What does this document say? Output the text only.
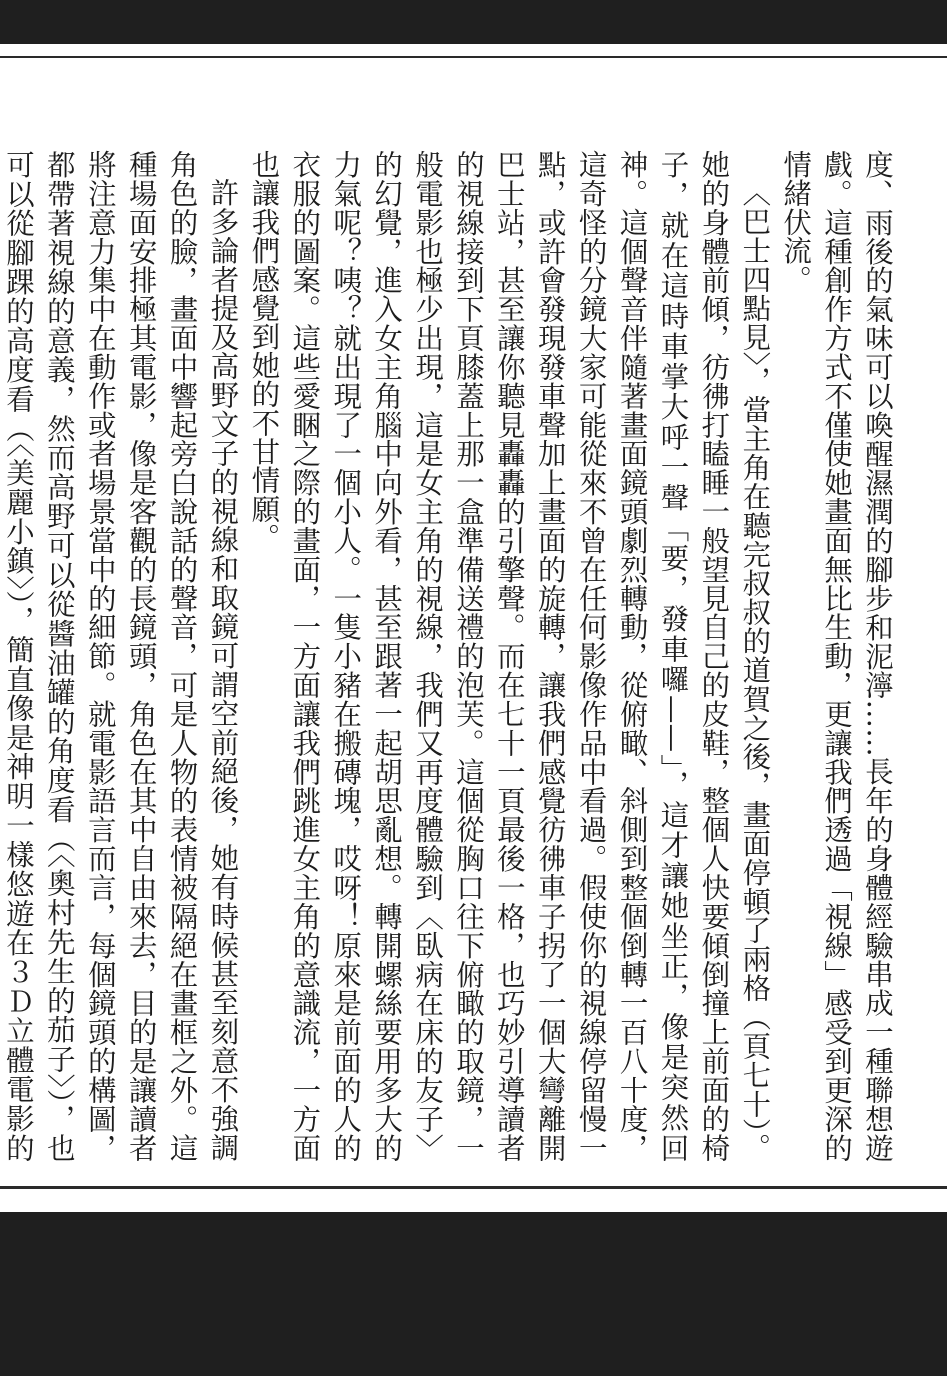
度、雨後的氣味可以喚醒濕潤的腳步和泥濘……長年的身體經驗串成一種聯想遊戲。這種創作方式不僅使她畫面無比生動，更讓我們透過「視線」感受到更深的情緒伏流。

〈巴士四點見〉，當主角在聽完叔叔的道賀之後，畫面停頓了兩格（頁七十）。她的身體前傾，彷彿打瞌睡一般望見自己的皮鞋，整個人快要傾倒撞上前面的椅子，就在這時車掌大呼一聲「要，發車囉——」，這才讓她坐正，像是突然回神。這個聲音伴隨著畫面鏡頭劇烈轉動，從俯瞰、斜側到整個倒轉一百八十度，這奇怪的分鏡大家可能從來不曾在任何影像作品中看過。假使你的視線停留慢一點，或許會發現發車聲加上畫面的旋轉，讓我們感覺彷彿車子拐了一個大彎離開巴士站，甚至讓你聽見轟轟的引擎聲。而在七十一頁最後一格，也巧妙引導讀者的視線接到下頁膝蓋上那一盒準備送禮的泡芙。這個從胸口往下俯瞰的取鏡，一般電影也極少出現，這是女主角的視線，我們又再度體驗到〈臥病在床的友子〉的幻覺，進入女主角腦中向外看，甚至跟著一起胡思亂想。轉開螺絲要用多大的力氣呢？咦？就出現了一個小人。一隻小豬在搬磚塊，哎呀！原來是前面的人的衣服的圖案。這些愛睏之際的畫面，一方面讓我們跳進女主角的意識流，一方面也讓我們感覺到她的不甘情願。

許多論者提及高野文子的視線和取鏡可謂空前絕後，她有時候甚至刻意不強調角色的臉，畫面中響起旁白說話的聲音，可是人物的表情被隔絕在畫框之外。這種場面安排極其電影，像是客觀的長鏡頭，角色在其中自由來去，目的是讓讀者將注意力集中在動作或者場景當中的細節。就電影語言而言，每個鏡頭的構圖，都帶著視線的意義，然而高野可以從醬油罐的角度看（〈奧村先生的茄子〉），也可以從腳踝的高度看（〈美麗小鎮〉），簡直像是神明一樣悠遊在３Ｄ立體電影的
